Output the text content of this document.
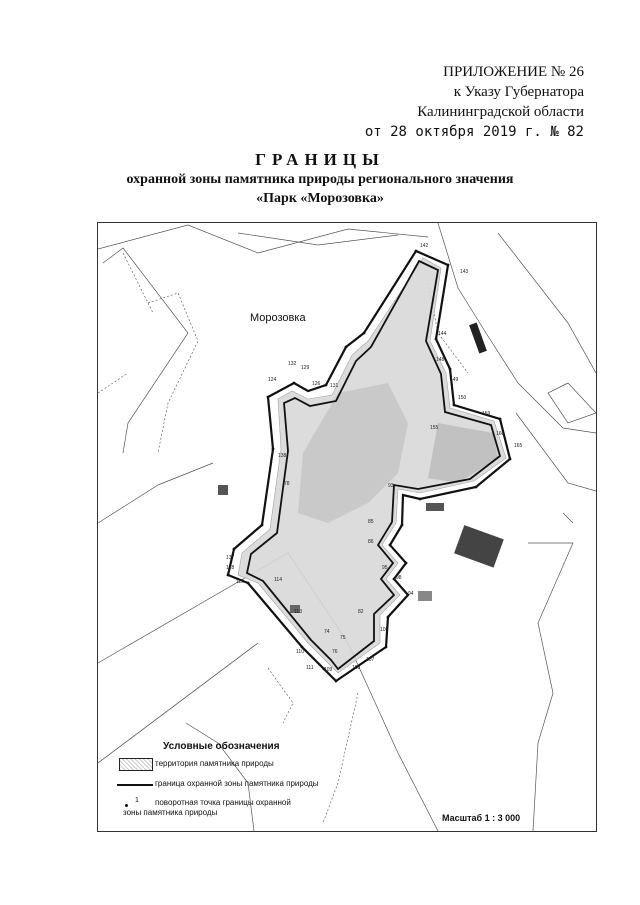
ПРИЛОЖЕНИЕ № 26
к Указу Губернатора
Калининградской области
от 28 октября 2019 г. № 82
ГРАНИЦЫ
охранной зоны памятника природы регионального значения
«Парк «Морозовка»
142
143
144
148
149
150
159
160
165
155
132
129
124
126 131
138
78
137
128
115	114
113
110
111 109	108
107
106
98
95
94
74
75
76
82
85
86
93
Морозовка
Условные обозначения
территория памятника природы
граница охранной зоны памятника природы
1 поворотная точка границы охранной
зоны памятника природы
Масштаб 1 : 3 000
